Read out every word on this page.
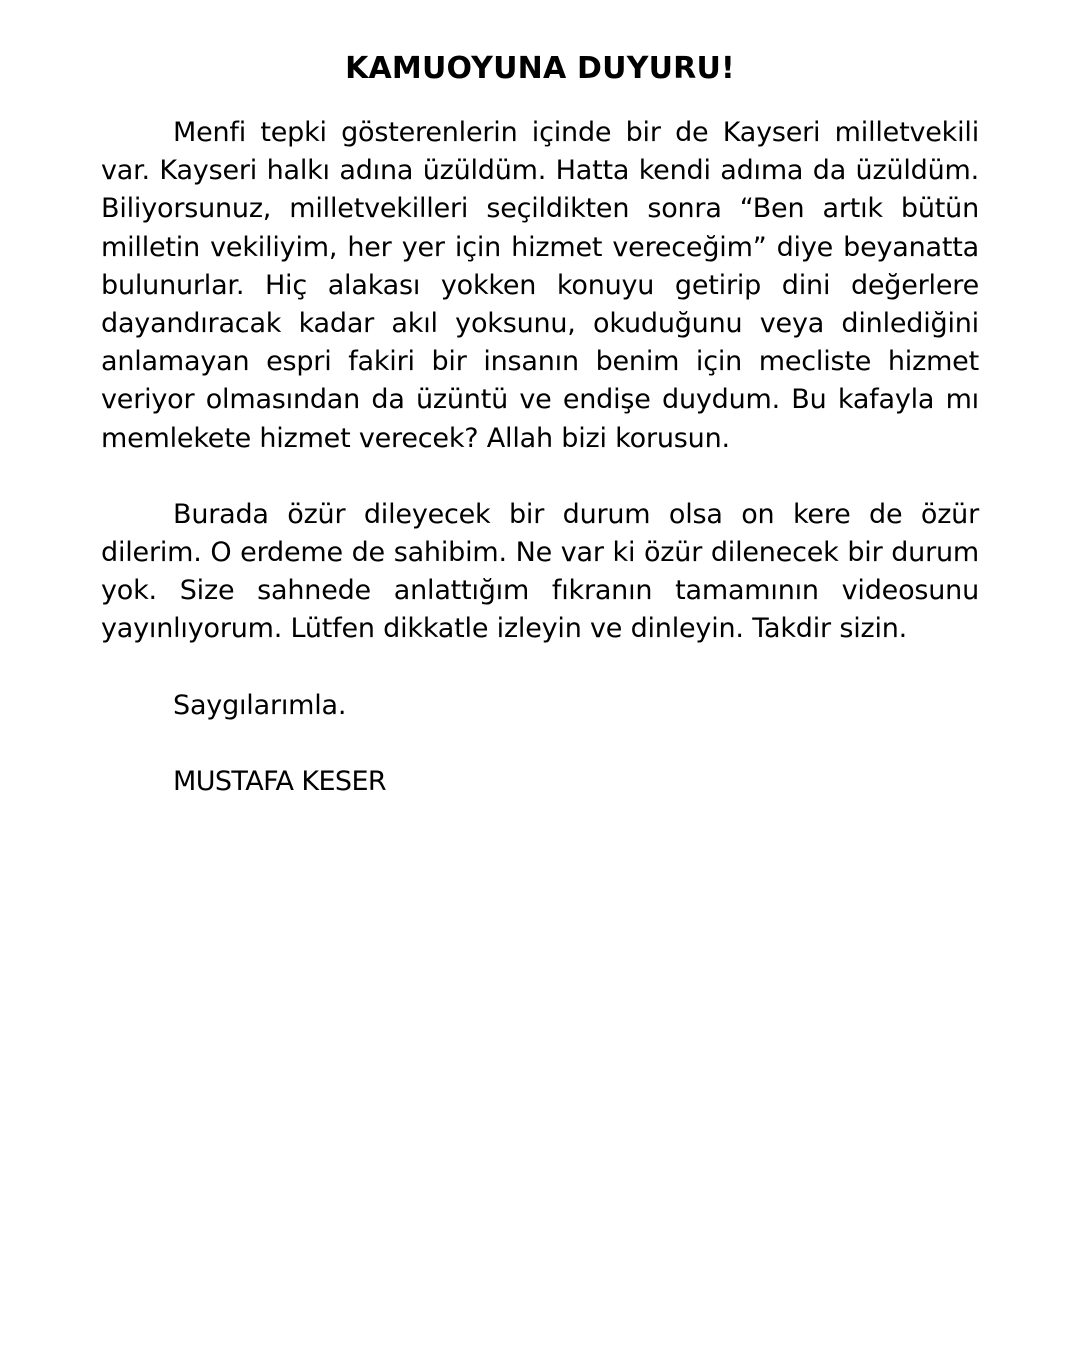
KAMUOYUNA DUYURU!

Menfi tepki gösterenlerin içinde bir de Kayseri milletvekili var. Kayseri halkı adına üzüldüm. Hatta kendi adıma da üzüldüm. Biliyorsunuz, milletvekilleri seçildikten sonra “Ben artık bütün milletin vekiliyim, her yer için hizmet vereceğim” diye beyanatta bulunurlar. Hiç alakası yokken konuyu getirip dini değerlere dayandıracak kadar akıl yoksunu, okuduğunu veya dinlediğini anlamayan espri fakiri bir insanın benim için mecliste hizmet veriyor olmasından da üzüntü ve endişe duydum. Bu kafayla mı memlekete hizmet verecek? Allah bizi korusun.

Burada özür dileyecek bir durum olsa on kere de özür dilerim. O erdeme de sahibim. Ne var ki özür dilenecek bir durum yok. Size sahnede anlattığım fıkranın tamamının videosunu yayınlıyorum. Lütfen dikkatle izleyin ve dinleyin. Takdir sizin.

Saygılarımla.

MUSTAFA KESER
